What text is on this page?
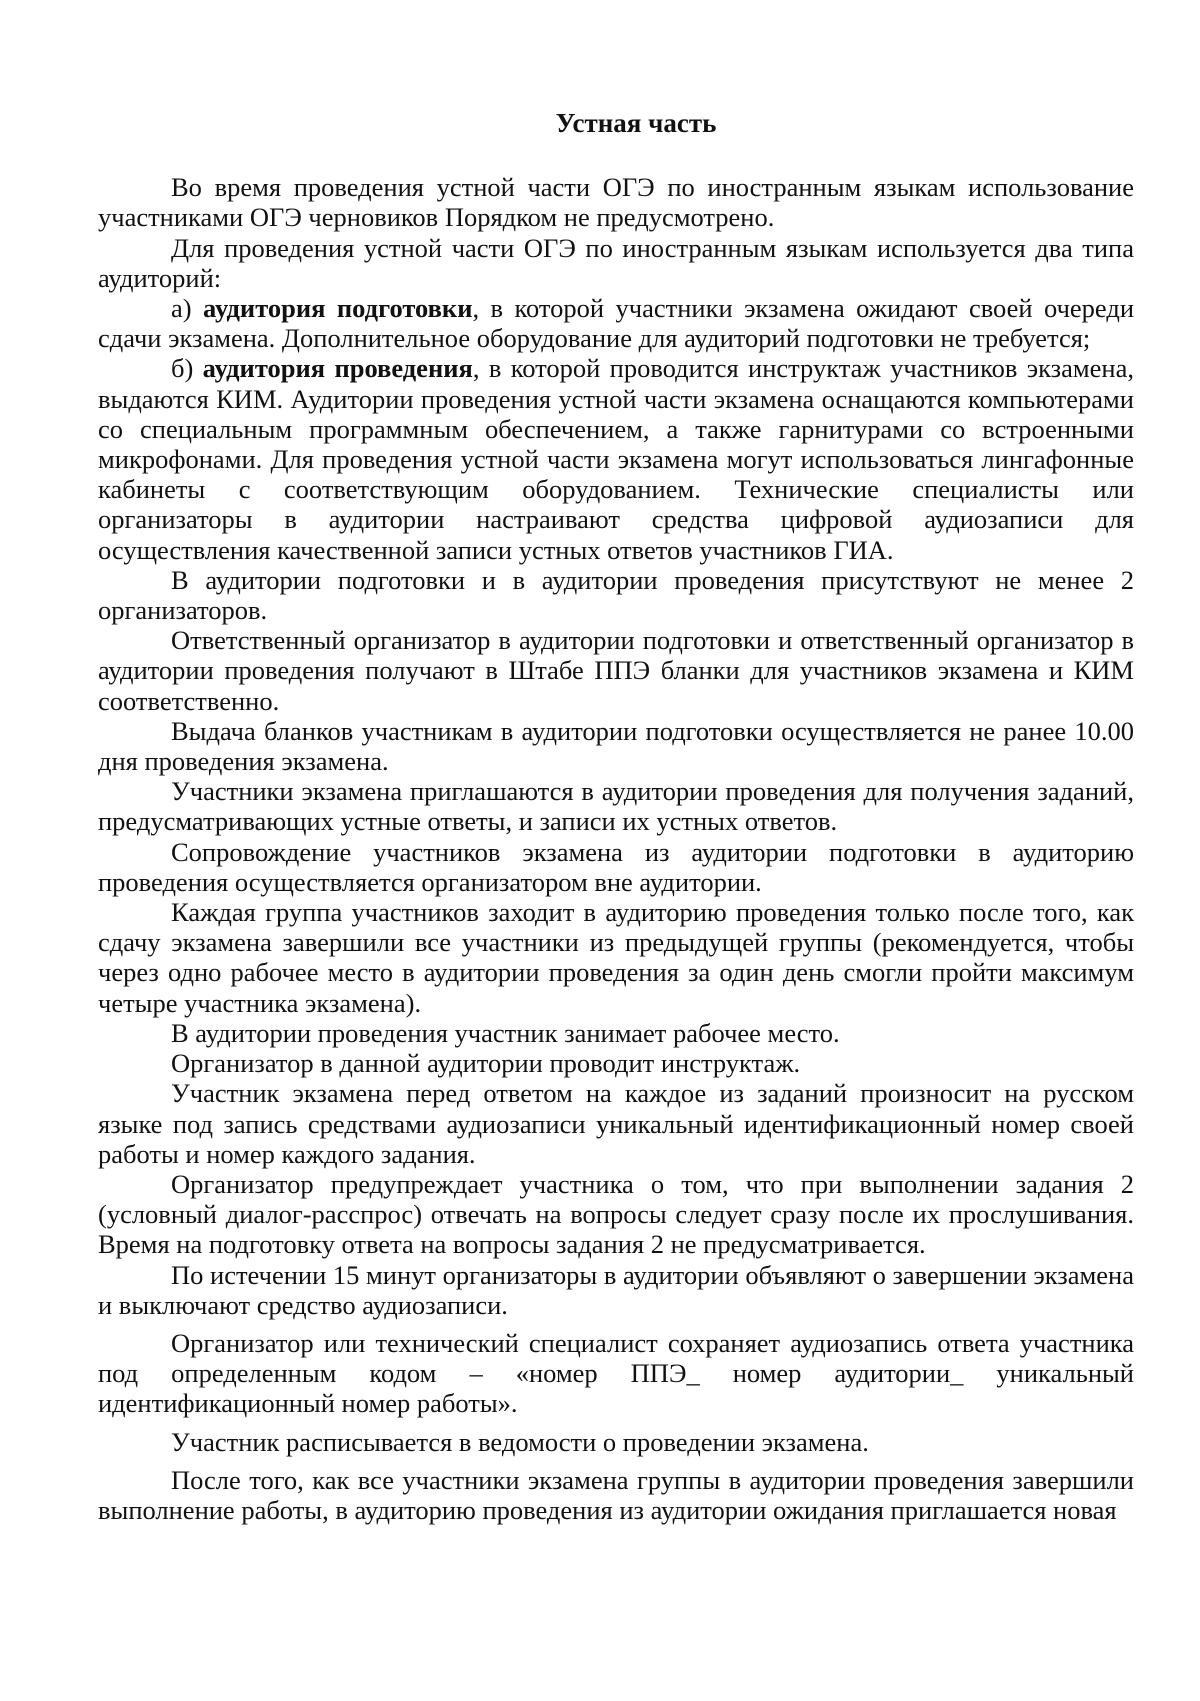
Устная часть

Во время проведения устной части ОГЭ по иностранным языкам использование участниками ОГЭ черновиков Порядком не предусмотрено.

Для проведения устной части ОГЭ по иностранным языкам используется два типа аудиторий:

а) аудитория подготовки, в которой участники экзамена ожидают своей очереди сдачи экзамена. Дополнительное оборудование для аудиторий подготовки не требуется;

б) аудитория проведения, в которой проводится инструктаж участников экзамена, выдаются КИМ. Аудитории проведения устной части экзамена оснащаются компьютерами со специальным программным обеспечением, а также гарнитурами со встроенными микрофонами. Для проведения устной части экзамена могут использоваться лингафонные кабинеты с соответствующим оборудованием. Технические специалисты или организаторы в аудитории настраивают средства цифровой аудиозаписи для осуществления качественной записи устных ответов участников ГИА.

В аудитории подготовки и в аудитории проведения присутствуют не менее 2 организаторов.

Ответственный организатор в аудитории подготовки и ответственный организатор в аудитории проведения получают в Штабе ППЭ бланки для участников экзамена и КИМ соответственно.

Выдача бланков участникам в аудитории подготовки осуществляется не ранее 10.00 дня проведения экзамена.

Участники экзамена приглашаются в аудитории проведения для получения заданий, предусматривающих устные ответы, и записи их устных ответов.

Сопровождение участников экзамена из аудитории подготовки в аудиторию проведения осуществляется организатором вне аудитории.

Каждая группа участников заходит в аудиторию проведения только после того, как сдачу экзамена завершили все участники из предыдущей группы (рекомендуется, чтобы через одно рабочее место в аудитории проведения за один день смогли пройти максимум четыре участника экзамена).

В аудитории проведения участник занимает рабочее место.

Организатор в данной аудитории проводит инструктаж.

Участник экзамена перед ответом на каждое из заданий произносит на русском языке под запись средствами аудиозаписи уникальный идентификационный номер своей работы и номер каждого задания.

Организатор предупреждает участника о том, что при выполнении задания 2 (условный диалог-расспрос) отвечать на вопросы следует сразу после их прослушивания. Время на подготовку ответа на вопросы задания 2 не предусматривается.

По истечении 15 минут организаторы в аудитории объявляют о завершении экзамена и выключают средство аудиозаписи.

Организатор или технический специалист сохраняет аудиозапись ответа участника под определенным кодом – «номер ППЭ_ номер аудитории_ уникальный идентификационный номер работы».

Участник расписывается в ведомости о проведении экзамена.

После того, как все участники экзамена группы в аудитории проведения завершили выполнение работы, в аудиторию проведения из аудитории ожидания приглашается новая
